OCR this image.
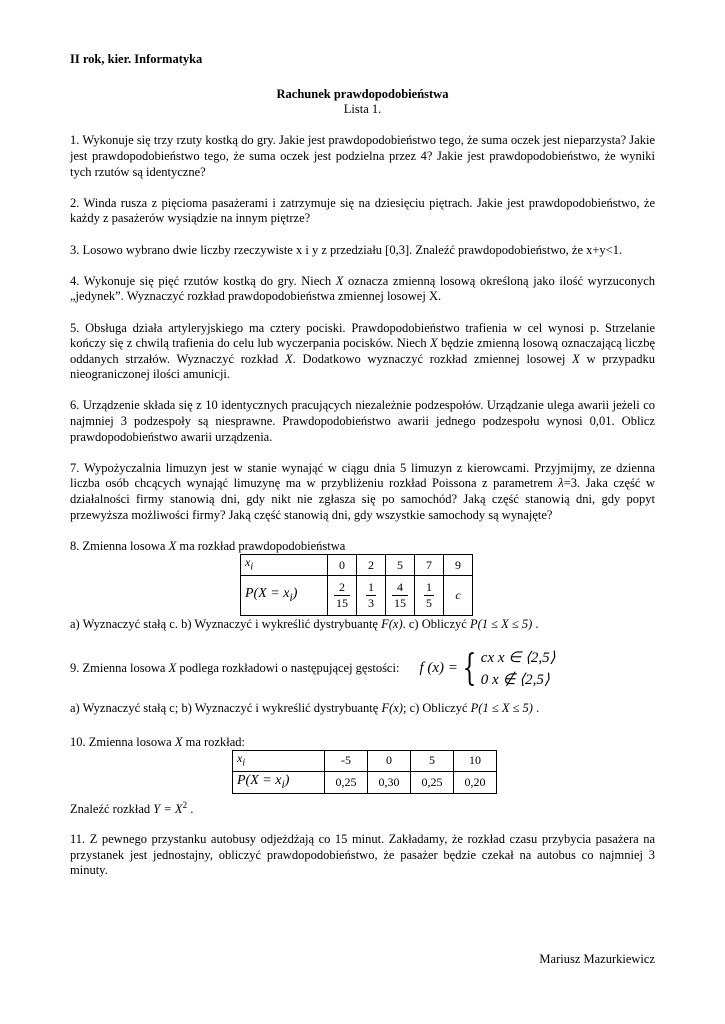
II rok, kier. Informatyka
Rachunek prawdopodobieństwa
Lista 1.

1. Wykonuje się trzy rzuty kostką do gry. Jakie jest prawdopodobieństwo tego, że suma oczek jest nieparzysta? Jakie jest prawdopodobieństwo tego, że suma oczek jest podzielna przez 4? Jakie jest prawdopodobieństwo, że wyniki tych rzutów są identyczne?

2. Winda rusza z pięcioma pasażerami i zatrzymuje się na dziesięciu piętrach. Jakie jest prawdopodobieństwo, że każdy z pasażerów wysiądzie na innym piętrze?

3. Losowo wybrano dwie liczby rzeczywiste x i y z przedziału [0,3]. Znaleźć prawdopodobieństwo, że x+y<1.

4. Wykonuje się pięć rzutów kostką do gry. Niech X oznacza zmienną losową określoną jako ilość wyrzuconych „jedynek”. Wyznaczyć rozkład prawdopodobieństwa zmiennej losowej X.

5. Obsługa działa artyleryjskiego ma cztery pociski. Prawdopodobieństwo trafienia w cel wynosi p. Strzelanie kończy się z chwilą trafienia do celu lub wyczerpania pocisków. Niech X będzie zmienną losową oznaczającą liczbę oddanych strzałów. Wyznaczyć rozkład X. Dodatkowo wyznaczyć rozkład zmiennej losowej X w przypadku nieograniczonej ilości amunicji.

6. Urządzenie składa się z 10 identycznych pracujących niezależnie podzespołów. Urządzanie ulega awarii jeżeli co najmniej 3 podzespoły są niesprawne. Prawdopodobieństwo awarii jednego podzespołu wynosi 0,01. Oblicz prawdopodobieństwo awarii urządzenia.

7. Wypożyczalnia limuzyn jest w stanie wynająć w ciągu dnia 5 limuzyn z kierowcami. Przyjmijmy, ze dzienna liczba osób chcących wynająć limuzynę ma w przybliżeniu rozkład Poissona z parametrem λ=3. Jaka część w działalności firmy stanowią dni, gdy nikt nie zgłasza się po samochód? Jaką część stanowią dni, gdy popyt przewyższa możliwości firmy? Jaką część stanowią dni, gdy wszystkie samochody są wynajęte?

8. Zmienna losowa X ma rozkład prawdopodobieństwa
$x_i$	0	2	5	7	9
$P(X = x_i)$	$\frac{2}{15}$	$\frac{1}{3}$	$\frac{4}{15}$	$\frac{1}{5}$	c
a) Wyznaczyć stałą c. b) Wyznaczyć i wykreślić dystrybuantę F(x). c) Obliczyć P(1 ≤ X ≤ 5) .
9. Zmienna losowa X podlega rozkładowi o następującej gęstości: f (x) = { cx x ∈ ⟨2,5⟩
0 x ∉ ⟨2,5⟩
a) Wyznaczyć stałą c; b) Wyznaczyć i wykreślić dystrybuantę F(x); c) Obliczyć P(1 ≤ X ≤ 5) .
10. Zmienna losowa X ma rozkład:
$x_i$	-5	0	5	10
$P(X = x_i)$	0,25	0,30	0,25	0,20
Znaleźć rozkład $Y = X^2$ .

11. Z pewnego przystanku autobusy odjeżdżają co 15 minut. Zakładamy, że rozkład czasu przybycia pasażera na przystanek jest jednostajny, obliczyć prawdopodobieństwo, że pasażer będzie czekał na autobus co najmniej 3 minuty.

Mariusz Mazurkiewicz
